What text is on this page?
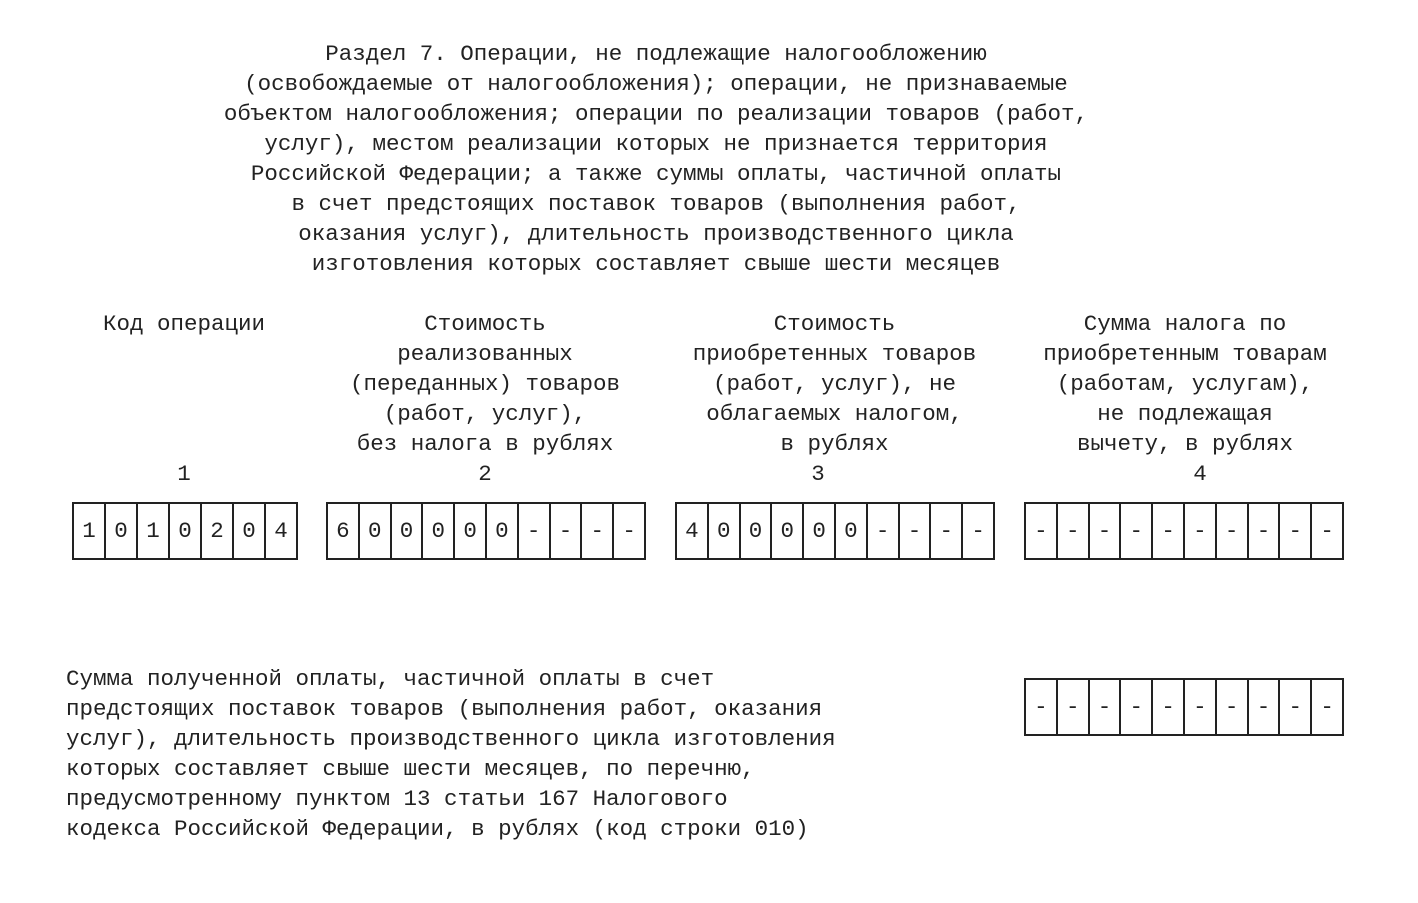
Раздел 7. Операции, не подлежащие налогообложению
(освобождаемые от налогообложения); операции, не признаваемые
объектом налогообложения; операции по реализации товаров (работ,
услуг), местом реализации которых не признается территория
Российской Федерации; а также суммы оплаты, частичной оплаты
в счет предстоящих поставок товаров (выполнения работ,
оказания услуг), длительность производственного цикла
изготовления которых составляет свыше шести месяцев
Код операции
1
1 0 1 0 2 0 4
Стоимость
реализованных
(переданных) товаров
(работ, услуг),
без налога в рублях
2
6 0 0 0 0 0 - - - -
Стоимость
приобретенных товаров
(работ, услуг), не
облагаемых налогом,
в рублях
3
4 0 0 0 0 0 - - - -
Сумма налога по
приобретенным товарам
(работам, услугам),
не подлежащая
вычету, в рублях
4
- - - - - - - - - -
Сумма полученной оплаты, частичной оплаты в счет
предстоящих поставок товаров (выполнения работ, оказания
услуг), длительность производственного цикла изготовления
которых составляет свыше шести месяцев, по перечню,
предусмотренному пунктом 13 статьи 167 Налогового
кодекса Российской Федерации, в рублях (код строки 010)
- - - - - - - - - -
